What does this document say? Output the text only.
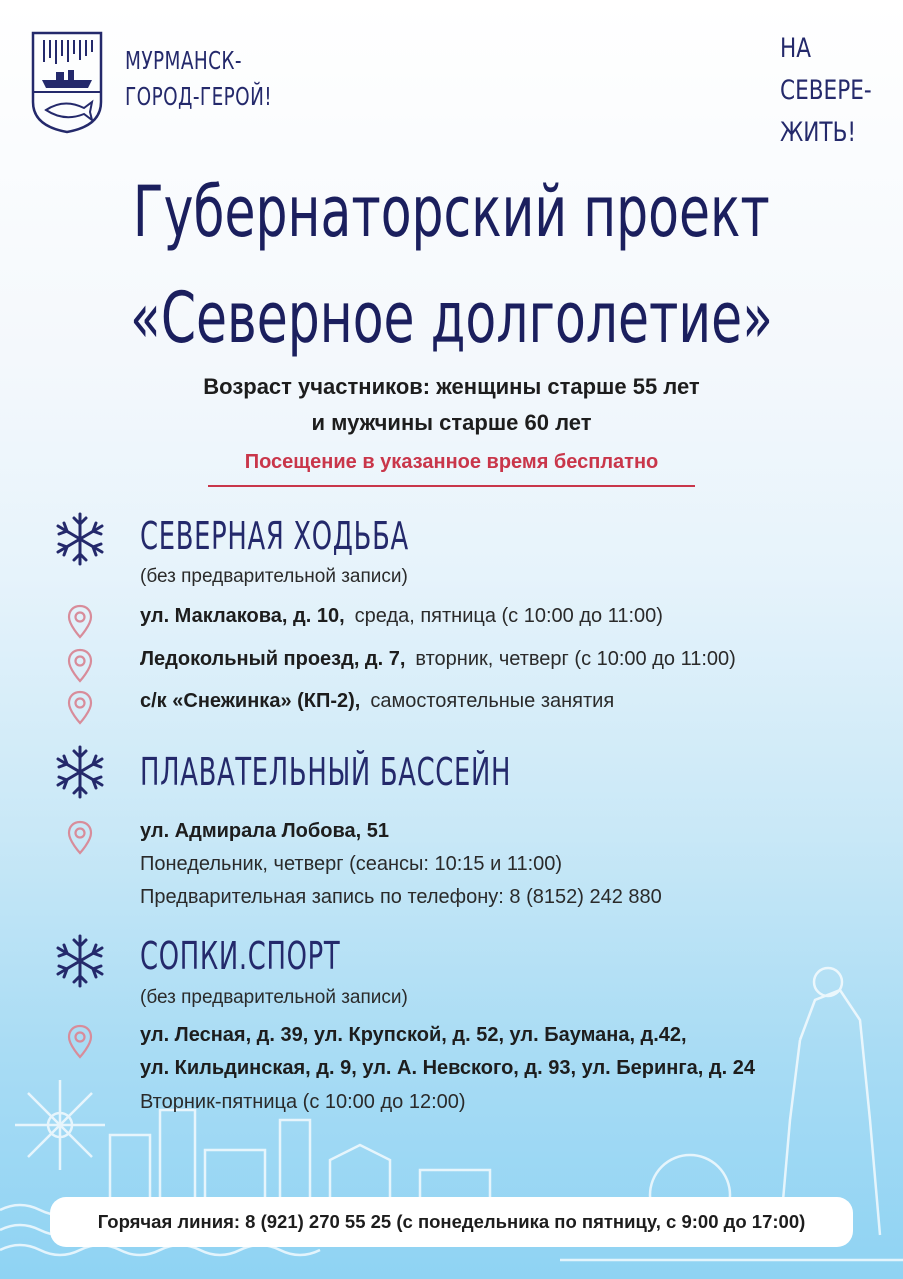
МУРМАНСК-
ГОРОД-ГЕРОЙ!
НА
СЕВЕРЕ-
ЖИТЬ!
Губернаторский проект
«Северное долголетие»
Возраст участников: женщины старше 55 лет
и мужчины старше 60 лет
Посещение в указанное время бесплатно
СЕВЕРНАЯ ХОДЬБА
(без предварительной записи)
ул. Маклакова, д. 10, среда, пятница (с 10:00 до 11:00)
Ледокольный проезд, д. 7, вторник, четверг (с 10:00 до 11:00)
с/к «Снежинка» (КП-2), самостоятельные занятия
ПЛАВАТЕЛЬНЫЙ БАССЕЙН
ул. Адмирала Лобова, 51
Понедельник, четверг (сеансы: 10:15 и 11:00)
Предварительная запись по телефону: 8 (8152) 242 880
СОПКИ.СПОРТ
(без предварительной записи)
ул. Лесная, д. 39, ул. Крупской, д. 52, ул. Баумана, д.42,
ул. Кильдинская, д. 9, ул. А. Невского, д. 93, ул. Беринга, д. 24
Вторник-пятница (с 10:00 до 12:00)
Горячая линия: 8 (921) 270 55 25 (с понедельника по пятницу, с 9:00 до 17:00)
